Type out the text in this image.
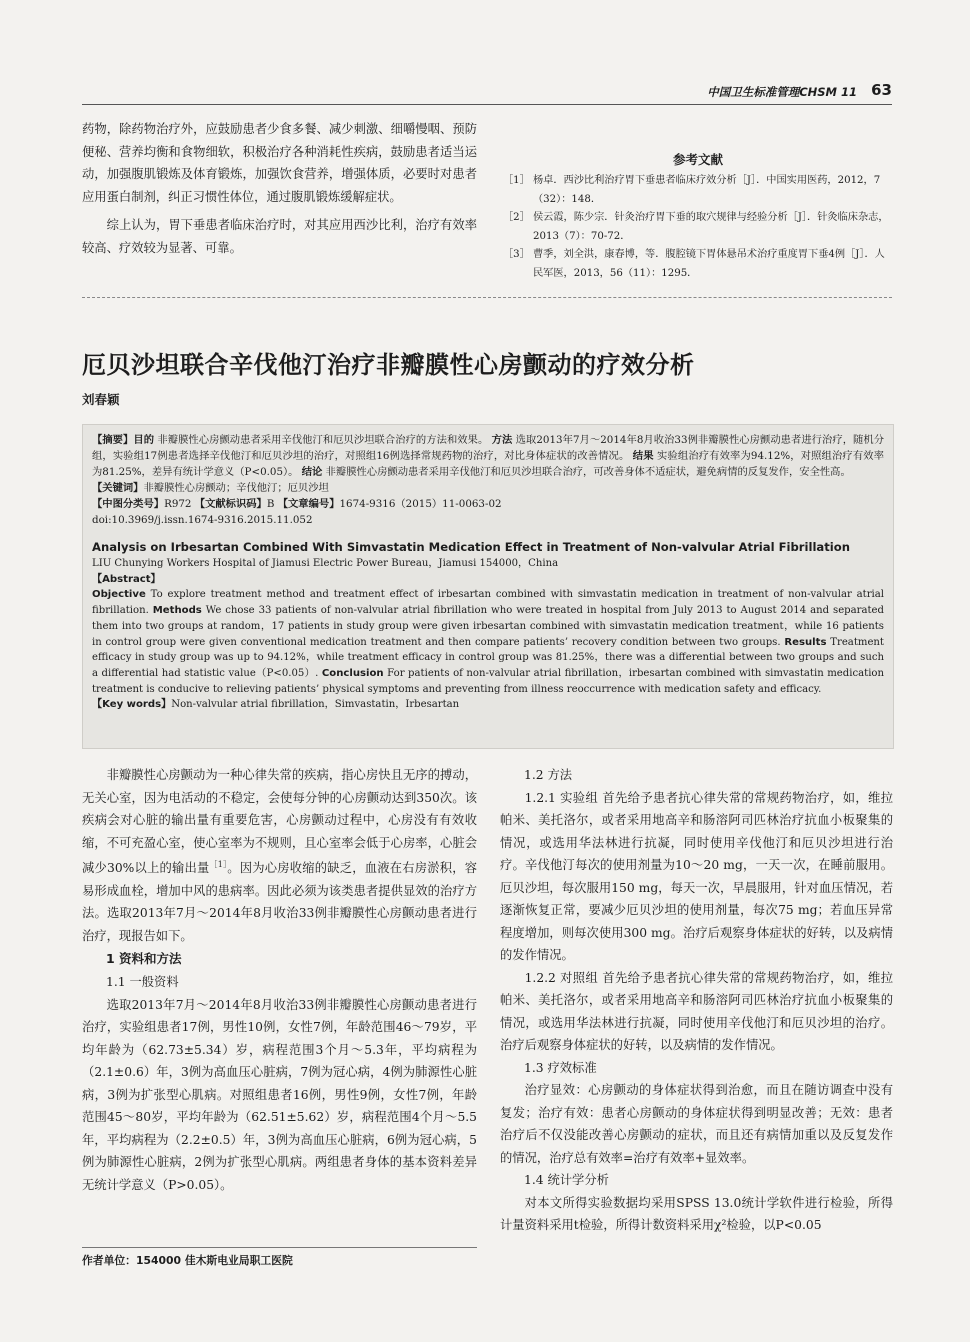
中国卫生标准管理CHSM 11 63

药物，除药物治疗外，应鼓励患者少食多餐、减少刺激、细嚼慢咽、预防便秘、营养均衡和食物细软，积极治疗各种消耗性疾病，鼓励患者适当运动，加强腹肌锻炼及体育锻炼，加强饮食营养，增强体质，必要时对患者应用蛋白制剂，纠正习惯性体位，通过腹肌锻炼缓解症状。

综上认为，胃下垂患者临床治疗时，对其应用西沙比利，治疗有效率较高、疗效较为显著、可靠。

参考文献
［1］ 杨卓．西沙比利治疗胃下垂患者临床疗效分析［J］．中国实用医药，2012，7（32）：148．
［2］ 侯云霞，陈少宗．针灸治疗胃下垂的取穴规律与经验分析［J］．针灸临床杂志，2013（7）：70-72．
［3］ 曹季，刘全洪，康春博，等．腹腔镜下胃体悬吊术治疗重度胃下垂4例［J］．人民军医，2013，56（11）：1295．
厄贝沙坦联合辛伐他汀治疗非瓣膜性心房颤动的疗效分析
刘春颖

【摘要】目的 非瓣膜性心房颤动患者采用辛伐他汀和厄贝沙坦联合治疗的方法和效果。 方法 选取2013年7月～2014年8月收治33例非瓣膜性心房颤动患者进行治疗，随机分组，实验组17例患者选择辛伐他汀和厄贝沙坦的治疗，对照组16例选择常规药物的治疗，对比身体症状的改善情况。 结果 实验组治疗有效率为94.12%，对照组治疗有效率为81.25%，差异有统计学意义（P<0.05）。 结论 非瓣膜性心房颤动患者采用辛伐他汀和厄贝沙坦联合治疗，可改善身体不适症状，避免病情的反复发作，安全性高。

【关键词】非瓣膜性心房颤动；辛伐他汀；厄贝沙坦

【中图分类号】R972 【文献标识码】B 【文章编号】1674-9316（2015）11-0063-02

doi:10.3969/j.issn.1674-9316.2015.11.052

Analysis on Irbesartan Combined With Simvastatin Medication Effect in Treatment of Non-valvular Atrial Fibrillation

LIU Chunying Workers Hospital of Jiamusi Electric Power Bureau，Jiamusi 154000，China

【Abstract】

Objective To explore treatment method and treatment effect of irbesartan combined with simvastatin medication in treatment of non-valvular atrial fibrillation. Methods We chose 33 patients of non-valvular atrial fibrillation who were treated in hospital from July 2013 to August 2014 and separated them into two groups at random，17 patients in study group were given irbesartan combined with simvastatin medication treatment，while 16 patients in control group were given conventional medication treatment and then compare patients’ recovery condition between two groups. Results Treatment efficacy in study group was up to 94.12%，while treatment efficacy in control group was 81.25%，there was a differential between two groups and such a differential had statistic value（P<0.05）. Conclusion For patients of non-valvular atrial fibrillation，irbesartan combined with simvastatin medication treatment is conducive to relieving patients’ physical symptoms and preventing from illness reoccurrence with medication safety and efficacy.

【Key words】Non-valvular atrial fibrillation，Simvastatin，Irbesartan

非瓣膜性心房颤动为一种心律失常的疾病，指心房快且无序的搏动，无关心室，因为电活动的不稳定，会使每分钟的心房颤动达到350次。该疾病会对心脏的输出量有重要危害，心房颤动过程中，心房没有有效收缩，不可充盈心室，使心室率为不规则，且心室率会低于心房率，心脏会减少30%以上的输出量$^{[1]}$。因为心房收缩的缺乏，血液在右房淤积，容易形成血栓，增加中风的患病率。因此必须为该类患者提供显效的治疗方法。选取2013年7月～2014年8月收治33例非瓣膜性心房颤动患者进行治疗，现报告如下。

1 资料和方法

1.1 一般资料

选取2013年7月～2014年8月收治33例非瓣膜性心房颤动患者进行治疗，实验组患者17例，男性10例，女性7例，年龄范围46～79岁，平均年龄为（62.73±5.34）岁，病程范围3个月～5.3年，平均病程为（2.1±0.6）年，3例为高血压心脏病，7例为冠心病，4例为肺源性心脏病，3例为扩张型心肌病。对照组患者16例，男性9例，女性7例，年龄范围45～80岁，平均年龄为（62.51±5.62）岁，病程范围4个月～5.5年，平均病程为（2.2±0.5）年，3例为高血压心脏病，6例为冠心病，5例为肺源性心脏病，2例为扩张型心肌病。两组患者身体的基本资料差异无统计学意义（P>0.05）。

1.2 方法

1.2.1 实验组 首先给予患者抗心律失常的常规药物治疗，如，维拉帕米、美托洛尔，或者采用地高辛和肠溶阿司匹林治疗抗血小板聚集的情况，或选用华法林进行抗凝，同时使用辛伐他汀和厄贝沙坦进行治疗。辛伐他汀每次的使用剂量为10～20 mg，一天一次，在睡前服用。厄贝沙坦，每次服用150 mg，每天一次，早晨服用，针对血压情况，若逐渐恢复正常，要减少厄贝沙坦的使用剂量，每次75 mg；若血压异常程度增加，则每次使用300 mg。治疗后观察身体症状的好转，以及病情的发作情况。

1.2.2 对照组 首先给予患者抗心律失常的常规药物治疗，如，维拉帕米、美托洛尔，或者采用地高辛和肠溶阿司匹林治疗抗血小板聚集的情况，或选用华法林进行抗凝，同时使用辛伐他汀和厄贝沙坦的治疗。治疗后观察身体症状的好转，以及病情的发作情况。

1.3 疗效标准

治疗显效：心房颤动的身体症状得到治愈，而且在随访调查中没有复发；治疗有效：患者心房颤动的身体症状得到明显改善；无效：患者治疗后不仅没能改善心房颤动的症状，而且还有病情加重以及反复发作的情况，治疗总有效率=治疗有效率+显效率。

1.4 统计学分析

对本文所得实验数据均采用SPSS 13.0统计学软件进行检验，所得计量资料采用t检验，所得计数资料采用χ²检验，以P<0.05

作者单位：154000 佳木斯电业局职工医院
